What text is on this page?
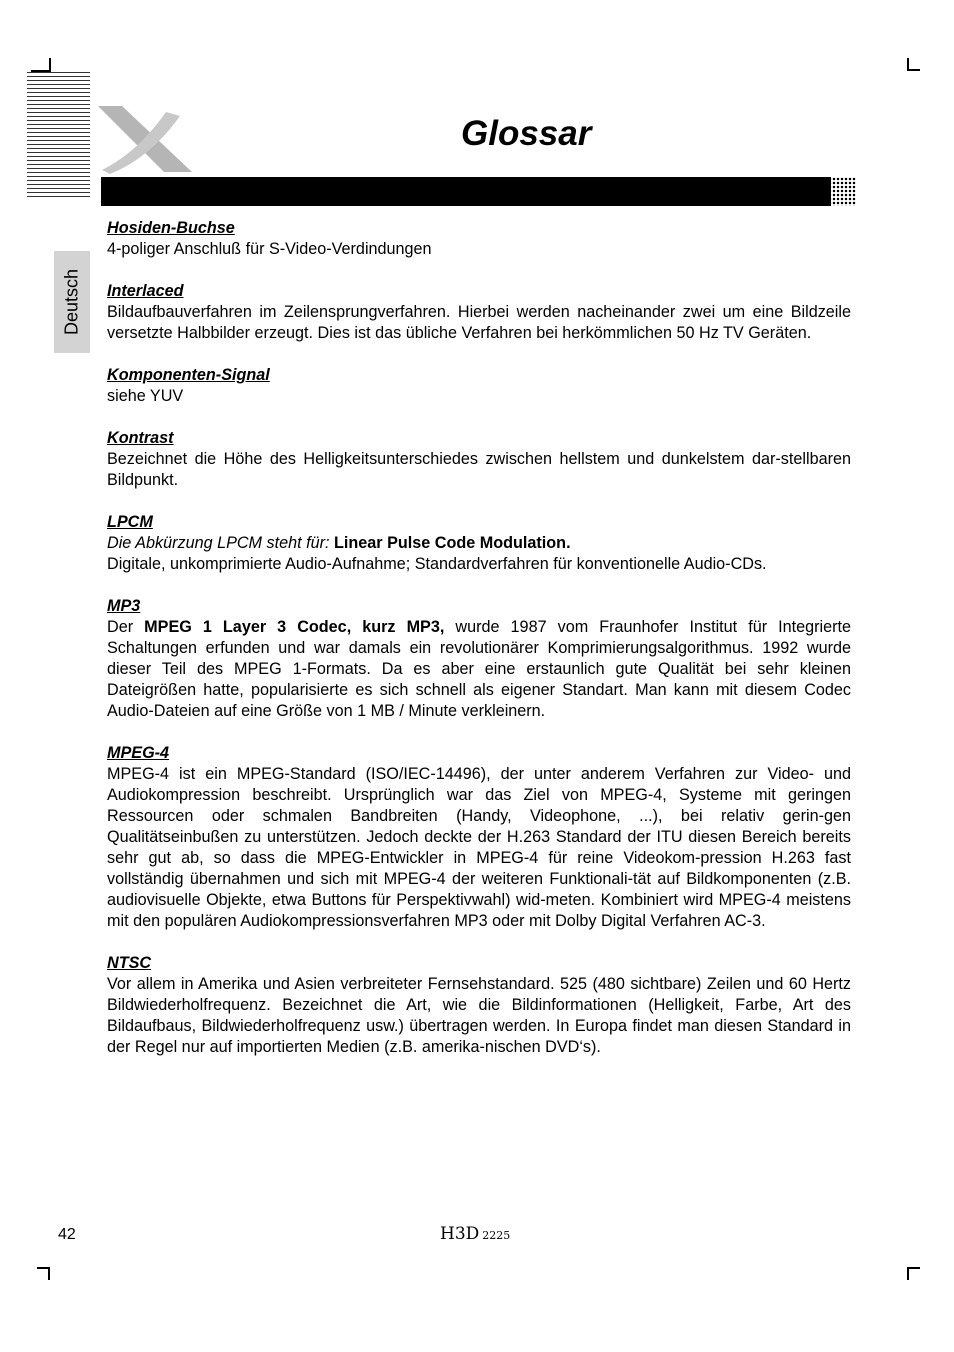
Glossar
Deutsch
Hosiden-Buchse
4-poliger Anschluß für S-Video-Verdindungen
Interlaced
Bildaufbauverfahren im Zeilensprungverfahren. Hierbei werden nacheinander zwei um eine Bildzeile versetzte Halbbilder erzeugt. Dies ist das übliche Verfahren bei herkömmlichen 50 Hz TV Geräten.
Komponenten-Signal
siehe YUV
Kontrast
Bezeichnet die Höhe des Helligkeitsunterschiedes zwischen hellstem und dunkelstem dar-stellbaren Bildpunkt.
LPCM
Die Abkürzung LPCM steht für: Linear Pulse Code Modulation.
Digitale, unkomprimierte Audio-Aufnahme; Standardverfahren für konventionelle Audio-CDs.
MP3
Der MPEG 1 Layer 3 Codec, kurz MP3, wurde 1987 vom Fraunhofer Institut für Integrierte Schaltungen erfunden und war damals ein revolutionärer Komprimierungsalgorithmus. 1992 wurde dieser Teil des MPEG 1-Formats. Da es aber eine erstaunlich gute Qualität bei sehr kleinen Dateigrößen hatte, popularisierte es sich schnell als eigener Standart. Man kann mit diesem Codec Audio-Dateien auf eine Größe von 1 MB / Minute verkleinern.
MPEG-4
MPEG-4 ist ein MPEG-Standard (ISO/IEC-14496), der unter anderem Verfahren zur Video- und Audiokompression beschreibt. Ursprünglich war das Ziel von MPEG-4, Systeme mit geringen Ressourcen oder schmalen Bandbreiten (Handy, Videophone, ...), bei relativ gerin-gen Qualitätseinbußen zu unterstützen. Jedoch deckte der H.263 Standard der ITU diesen Bereich bereits sehr gut ab, so dass die MPEG-Entwickler in MPEG-4 für reine Videokom-pression H.263 fast vollständig übernahmen und sich mit MPEG-4 der weiteren Funktionali-tät auf Bildkomponenten (z.B. audiovisuelle Objekte, etwa Buttons für Perspektivwahl) wid-meten. Kombiniert wird MPEG-4 meistens mit den populären Audiokompressionsverfahren MP3 oder mit Dolby Digital Verfahren AC-3.
NTSC
Vor allem in Amerika und Asien verbreiteter Fernsehstandard. 525 (480 sichtbare) Zeilen und 60 Hertz Bildwiederholfrequenz. Bezeichnet die Art, wie die Bildinformationen (Helligkeit, Farbe, Art des Bildaufbaus, Bildwiederholfrequenz usw.) übertragen werden. In Europa findet man diesen Standard in der Regel nur auf importierten Medien (z.B. amerika-nischen DVD‘s).
42	H3D 2225
